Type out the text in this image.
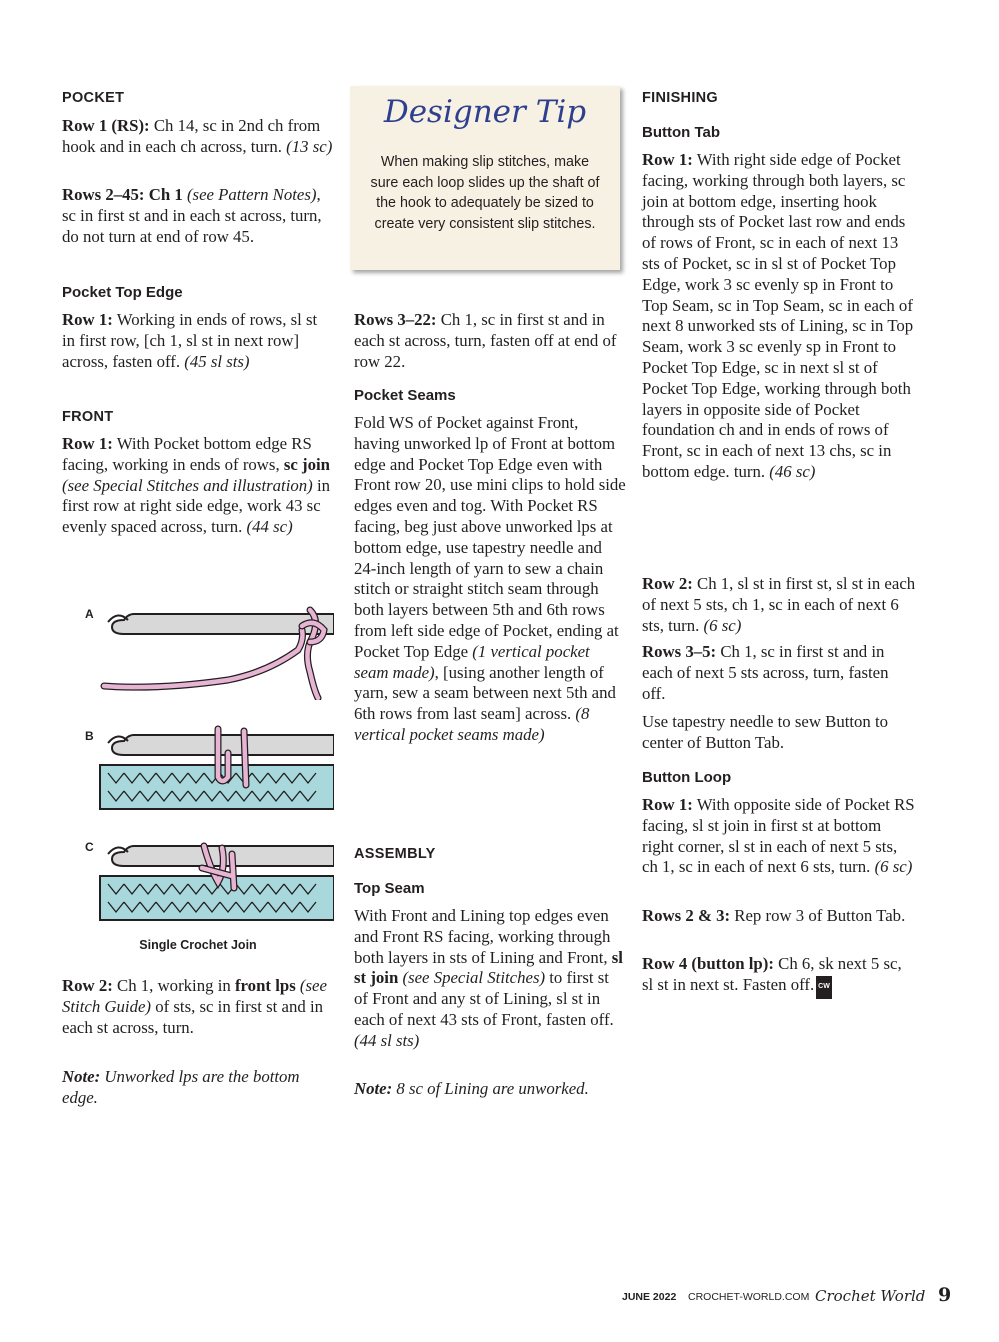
POCKET

Row 1 (RS): Ch 14, sc in 2nd ch from hook and in each ch across, turn. (13 sc)

Rows 2–45: Ch 1 (see Pattern Notes), sc in first st and in each st across, turn, do not turn at end of row 45.

Pocket Top Edge

Row 1: Working in ends of rows, sl st in first row, [ch 1, sl st in next row] across, fasten off. (45 sl sts)

FRONT

Row 1: With Pocket bottom edge RS facing, working in ends of rows, sc join (see Special Stitches and illustration) in first row at right side edge, work 43 sc evenly spaced across, turn. (44 sc)

Row 2: Ch 1, working in front lps (see Stitch Guide) of sts, sc in first st and in each st across, turn.

Note: Unworked lps are the bottom edge.

A
B
C
Single Crochet Join
Designer Tip
When making slip stitches, make sure each loop slides up the shaft of the hook to adequately be sized to create very consistent slip stitches.

Rows 3–22: Ch 1, sc in first st and in each st across, turn, fasten off at end of row 22.

Pocket Seams

Fold WS of Pocket against Front, having unworked lp of Front at bottom edge and Pocket Top Edge even with Front row 20, use mini clips to hold side edges even and tog. With Pocket RS facing, beg just above unworked lps at bottom edge, use tapestry needle and 24-inch length of yarn to sew a chain stitch or straight stitch seam through both layers between 5th and 6th rows from left side edge of Pocket, ending at Pocket Top Edge (1 vertical pocket seam made), [using another length of yarn, sew a seam between next 5th and 6th rows from last seam] across. (8 vertical pocket seams made)

ASSEMBLY
Top Seam

With Front and Lining top edges even and Front RS facing, working through both layers in sts of Lining and Front, sl st join (see Special Stitches) to first st of Front and any st of Lining, sl st in each of next 43 sts of Front, fasten off. (44 sl sts)

Note: 8 sc of Lining are unworked.

FINISHING
Button Tab

Row 1: With right side edge of Pocket facing, working through both layers, sc join at bottom edge, inserting hook through sts of Pocket last row and ends of rows of Front, sc in each of next 13 sts of Pocket, sc in sl st of Pocket Top Edge, work 3 sc evenly sp in Front to Top Seam, sc in Top Seam, sc in each of next 8 unworked sts of Lining, sc in Top Seam, work 3 sc evenly sp in Front to Pocket Top Edge, sc in next sl st of Pocket Top Edge, working through both layers in opposite side of Pocket foundation ch and in ends of rows of Front, sc in each of next 13 chs, sc in bottom edge. turn. (46 sc)

Row 2: Ch 1, sl st in first st, sl st in each of next 5 sts, ch 1, sc in each of next 6 sts, turn. (6 sc)

Rows 3–5: Ch 1, sc in first st and in each of next 5 sts across, turn, fasten off.

Use tapestry needle to sew Button to center of Button Tab.

Button Loop

Row 1: With opposite side of Pocket RS facing, sl st join in first st at bottom right corner, sl st in each of next 5 sts, ch 1, sc in each of next 6 sts, turn. (6 sc)

Rows 2 & 3: Rep row 3 of Button Tab.

Row 4 (button lp): Ch 6, sk next 5 sc, sl st in next st. Fasten off. CW

JUNE 2022 CROCHET-WORLD.COM Crochet World 9
